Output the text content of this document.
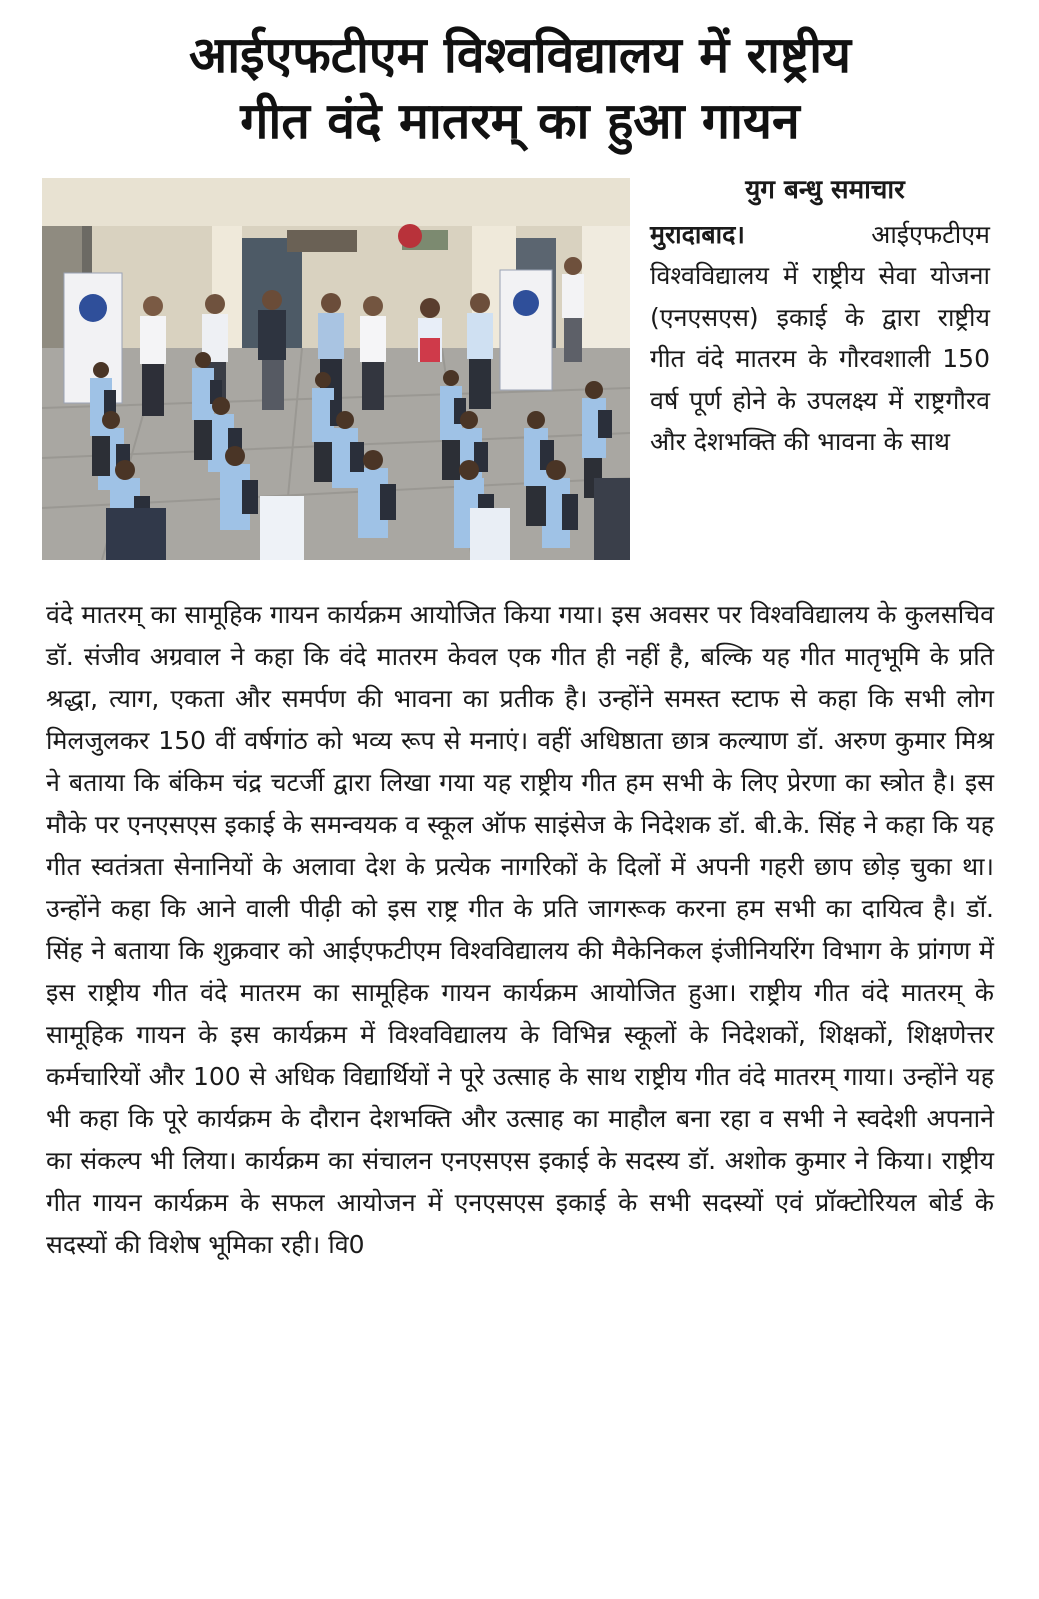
आईएफटीएम विश्वविद्यालय में राष्ट्रीय
गीत वंदे मातरम् का हुआ गायन
युग बन्धु समाचार

मुरादाबाद। आईएफटीएम विश्वविद्यालय में राष्ट्रीय सेवा योजना (एनएसएस) इकाई के द्वारा राष्ट्रीय गीत वंदे मातरम के गौरवशाली 150 वर्ष पूर्ण होने के उपलक्ष्य में राष्ट्रगौरव और देशभक्ति की भावना के साथ

वंदे मातरम् का सामूहिक गायन कार्यक्रम आयोजित किया गया। इस अवसर पर विश्वविद्यालय के कुलसचिव डॉ. संजीव अग्रवाल ने कहा कि वंदे मातरम केवल एक गीत ही नहीं है, बल्कि यह गीत मातृभूमि के प्रति श्रद्धा, त्याग, एकता और समर्पण की भावना का प्रतीक है। उन्होंने समस्त स्टाफ से कहा कि सभी लोग मिलजुलकर 150 वीं वर्षगांठ को भव्य रूप से मनाएं। वहीं अधिष्ठाता छात्र कल्याण डॉ. अरुण कुमार मिश्र ने बताया कि बंकिम चंद्र चटर्जी द्वारा लिखा गया यह राष्ट्रीय गीत हम सभी के लिए प्रेरणा का स्त्रोत है। इस मौके पर एनएसएस इकाई के समन्वयक व स्कूल ऑफ साइंसेज के निदेशक डॉ. बी.के. सिंह ने कहा कि यह गीत स्वतंत्रता सेनानियों के अलावा देश के प्रत्येक नागरिकों के दिलों में अपनी गहरी छाप छोड़ चुका था। उन्होंने कहा कि आने वाली पीढ़ी को इस राष्ट्र गीत के प्रति जागरूक करना हम सभी का दायित्व है। डॉ. सिंह ने बताया कि शुक्रवार को आईएफटीएम विश्वविद्यालय की मैकेनिकल इंजीनियरिंग विभाग के प्रांगण में इस राष्ट्रीय गीत वंदे मातरम का सामूहिक गायन कार्यक्रम आयोजित हुआ। राष्ट्रीय गीत वंदे मातरम् के सामूहिक गायन के इस कार्यक्रम में विश्वविद्यालय के विभिन्न स्कूलों के निदेशकों, शिक्षकों, शिक्षणेत्तर कर्मचारियों और 100 से अधिक विद्यार्थियों ने पूरे उत्साह के साथ राष्ट्रीय गीत वंदे मातरम् गाया। उन्होंने यह भी कहा कि पूरे कार्यक्रम के दौरान देशभक्ति और उत्साह का माहौल बना रहा व सभी ने स्वदेशी अपनाने का संकल्प भी लिया। कार्यक्रम का संचालन एनएसएस इकाई के सदस्य डॉ. अशोक कुमार ने किया। राष्ट्रीय गीत गायन कार्यक्रम के सफल आयोजन में एनएसएस इकाई के सभी सदस्यों एवं प्रॉक्टोरियल बोर्ड के सदस्यों की विशेष भूमिका रही। वि0
